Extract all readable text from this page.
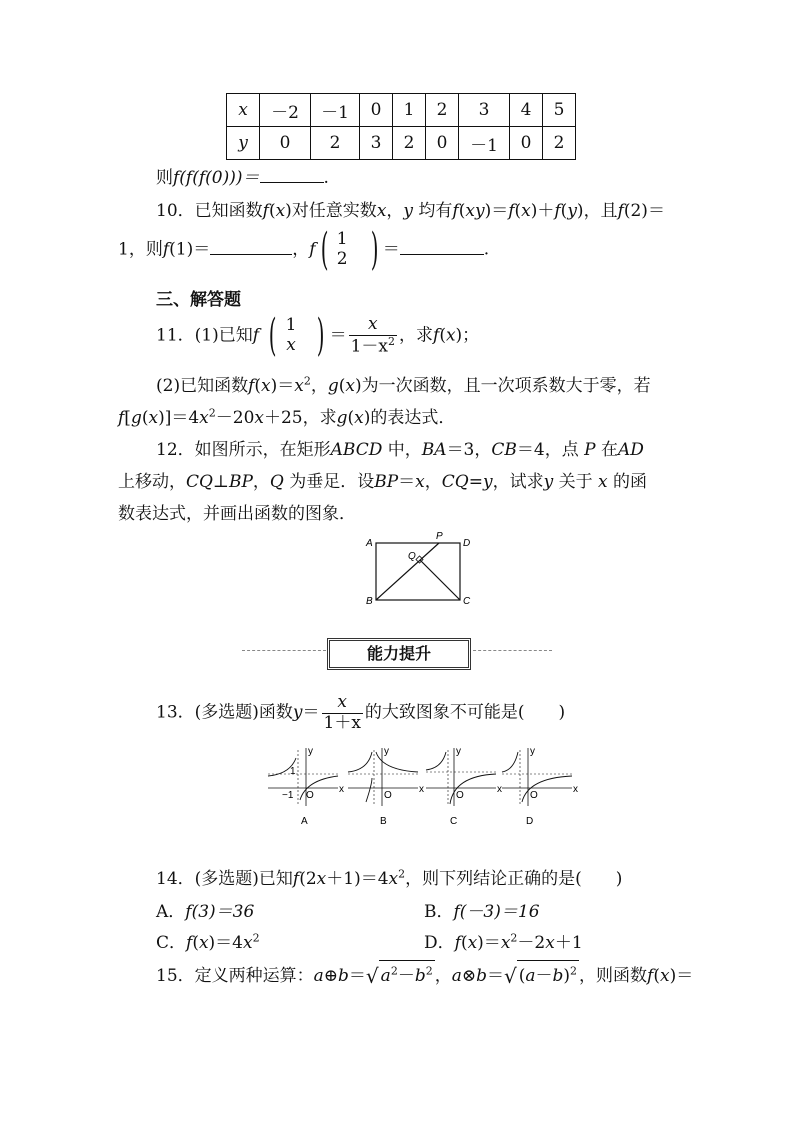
x	－2	－1	0	1	2	3	4	5
y	0	2	3	2	0	－1	0	2
则f(f(f(0)))＝	.
10．已知函数f(x)对任意实数x，y 均有f(xy)＝f(x)＋f(y)，且f(2)＝
1，则f(1)＝	，f ( 1
2 ) ＝	.
三、解答题
11．(1)已知f ( 1
x ) ＝ $\frac{x}{1-x^2}$ ，求f(x)；
(2)已知函数$f(x)=x^2$，g(x)为一次函数，且一次项系数大于零，若
$f[g(x)]=4x^2-20x+25$，求g(x)的表达式．
12．如图所示，在矩形ABCD 中，BA＝3，CB＝4，点 P 在AD
上移动，CQ⊥BP，Q 为垂足．设BP＝x，CQ=y，试求y 关于 x 的函
数表达式，并画出函数的图象．
A
B	C
D
P
Q
能力提升
13．(多选题)函数$y= \frac{x}{1+x}$ 的大致图象不可能是(　　)
y
x
−1 O
1
A
y
x
O
B
y
x
O
C
y
x
O
D
14．(多选题)已知$f(2x+1)=4x^2$，则下列结论正确的是(　　)
A．f(3)＝36	B．f(－3)＝16
C．$f(x)=4x^2$	D．$f(x)=x^2-2x+1$
15．定义两种运算：a⊕b＝√ $a^2-b^2$ ，a⊗b＝√ $(a-b)^2$ ，则函数f(x)＝
